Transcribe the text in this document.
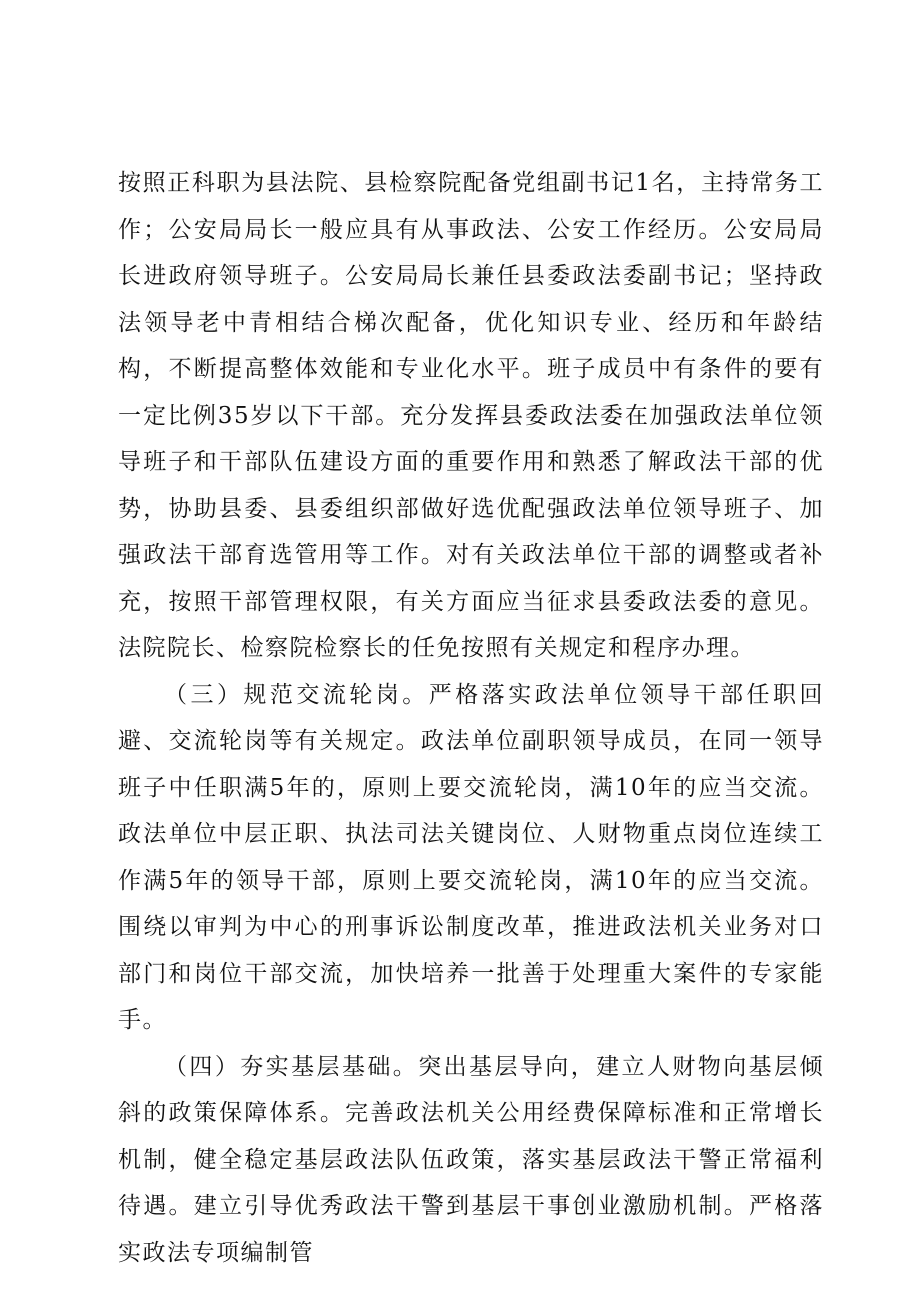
按照正科职为县法院、县检察院配备党组副书记1名，主持常务工作；公安局局长一般应具有从事政法、公安工作经历。公安局局长进政府领导班子。公安局局长兼任县委政法委副书记；坚持政法领导老中青相结合梯次配备，优化知识专业、经历和年龄结构，不断提高整体效能和专业化水平。班子成员中有条件的要有一定比例35岁以下干部。充分发挥县委政法委在加强政法单位领导班子和干部队伍建设方面的重要作用和熟悉了解政法干部的优势，协助县委、县委组织部做好选优配强政法单位领导班子、加强政法干部育选管用等工作。对有关政法单位干部的调整或者补充，按照干部管理权限，有关方面应当征求县委政法委的意见。法院院长、检察院检察长的任免按照有关规定和程序办理。

（三）规范交流轮岗。严格落实政法单位领导干部任职回避、交流轮岗等有关规定。政法单位副职领导成员，在同一领导班子中任职满5年的，原则上要交流轮岗，满10年的应当交流。政法单位中层正职、执法司法关键岗位、人财物重点岗位连续工作满5年的领导干部，原则上要交流轮岗，满10年的应当交流。围绕以审判为中心的刑事诉讼制度改革，推进政法机关业务对口部门和岗位干部交流，加快培养一批善于处理重大案件的专家能手。

（四）夯实基层基础。突出基层导向，建立人财物向基层倾斜的政策保障体系。完善政法机关公用经费保障标准和正常增长机制，健全稳定基层政法队伍政策，落实基层政法干警正常福利待遇。建立引导优秀政法干警到基层干事创业激励机制。严格落实政法专项编制管
